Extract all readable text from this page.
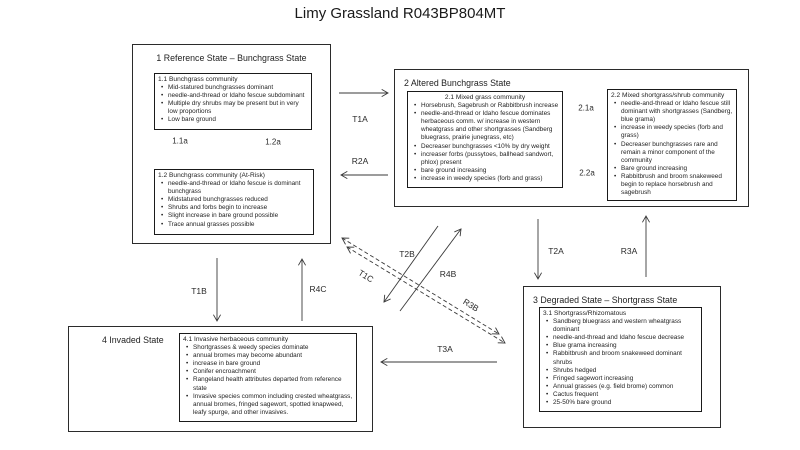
Limy Grassland R043BP804MT
1 Reference State – Bunchgrass State
1.1 Bunchgrass community
• Mid-statured bunchgrasses dominant
• needle-and-thread or Idaho fescue subdominant
• Multiple dry shrubs may be present but in very low proportions
• Low bare ground
1.2 Bunchgrass community (At-Risk)
• needle-and-thread or Idaho fescue is dominant bunchgrass
• Midstatured bunchgrasses reduced
• Shrubs and forbs begin to increase
• Slight increase in bare ground possible
• Trace annual grasses possible
2 Altered Bunchgrass State
2.1 Mixed grass community
• Horsebrush, Sagebrush or Rabbitbrush increase
• needle-and-thread or Idaho fescue dominates herbaceous comm. w/ increase in western wheatgrass and other shortgrasses (Sandberg bluegrass, prairie junegrass, etc)
• Decreaser bunchgrasses <10% by dry weight
• increaser forbs (pussytoes, ballhead sandwort, phlox) present
• bare ground increasing
• increase in weedy species (forb and grass)
2.2 Mixed shortgrass/shrub community
• needle-and-thread or Idaho fescue still dominant with shortgrasses (Sandberg, blue grama)
• increase in weedy species (forb and grass)
• Decreaser bunchgrasses rare and remain a minor component of the community
• Bare ground increasing
• Rabbitbrush and broom snakeweed begin to replace horsebrush and sagebrush
3 Degraded State – Shortgrass State
3.1 Shortgrass/Rhizomatous
• Sandberg bluegrass and western wheatgrass dominant
• needle-and-thread and Idaho fescue decrease
• Blue grama increasing
• Rabbitbrush and broom snakeweed dominant shrubs
• Shrubs hedged
• Fringed sagewort increasing
• Annual grasses (e.g. field brome) common
• Cactus frequent
• 25-50% bare ground
4 Invaded State	4.1 Invasive herbaceous community
• Shortgrasses & weedy species dominate
• annual bromes may become abundant
• increase in bare ground
• Conifer encroachment
• Rangeland health attributes departed from reference state
• Invasive species common including crested wheatgrass, annual bromes, fringed sagewort, spotted knapweed, leafy spurge, and other invasives.
T1A
R2A
T2A	R3A
T1B	R4C
T3A
T2B
R4B
T1C
R3B
1.1a	1.2a
2.1a
2.2a
